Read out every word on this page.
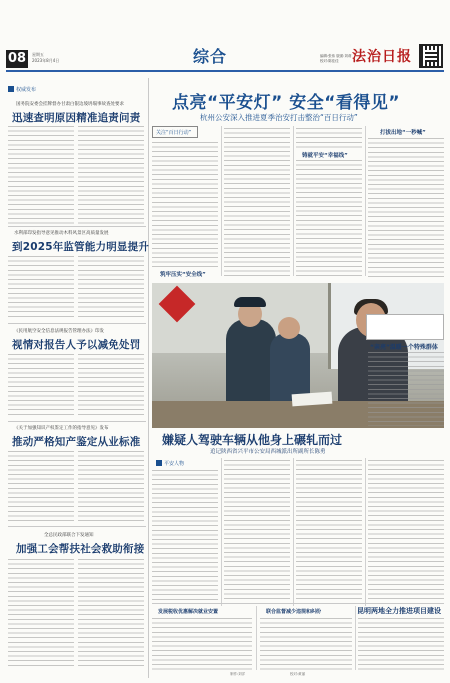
08	星期五
2023年8月4日	综合	编辑:张伟 版面:刘莉
校对:陈佳佳 法治日报
权威发布
国务院安委会挂牌督办甘肃白银边坡坍塌事故查处要求
迅速查明原因精准追责问责
水利部印发指导意见推动木料风景区高质量发展
到2025年监管能力明显提升
《民用航空安全信息法规报告管理办法》印发
视情对报告人予以减免处罚
《关于加强知识产权鉴定工作的指导意见》发布
推动严格知产鉴定从业标准
全总民政部联合下发通知
加强工会帮扶社会救助衔接
点亮“平安灯” 安全“看得见”
杭州公安深入推进夏季治安打击整治“百日行动”
关注“百日行动”
筑牢压实“安全线”
铸就平安“幸福线”
打拔出地“一秒喊”
“亲亮”温暖一个特殊群体
嫌疑人驾驶车辆从他身上碾轧而过
追记陕西省兴平市公安局西城派出所副所长陈勇
平安人物
发展税收优惠解决就业安置	联合监督减少违规和纠纷	昆明两地全力推进项目建设
制作:刘洋	校对:黄丽
